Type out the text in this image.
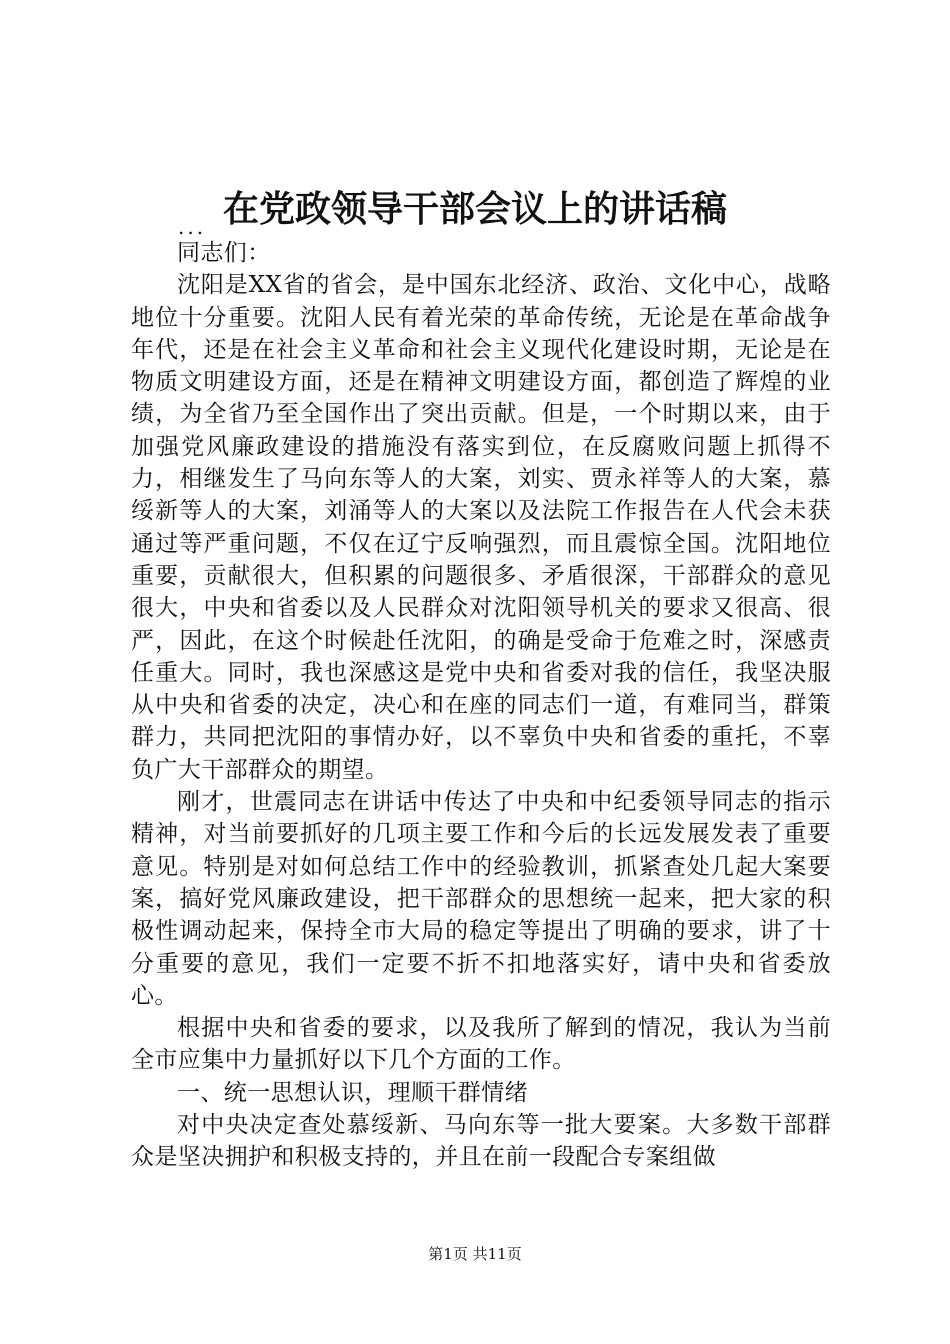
在党政领导干部会议上的讲话稿
...

同志们：

沈阳是XX省的省会，是中国东北经济、政治、文化中心，战略地位十分重要。沈阳人民有着光荣的革命传统，无论是在革命战争年代，还是在社会主义革命和社会主义现代化建设时期，无论是在物质文明建设方面，还是在精神文明建设方面，都创造了辉煌的业绩，为全省乃至全国作出了突出贡献。但是，一个时期以来，由于加强党风廉政建设的措施没有落实到位，在反腐败问题上抓得不力，相继发生了马向东等人的大案，刘实、贾永祥等人的大案，慕绥新等人的大案，刘涌等人的大案以及法院工作报告在人代会未获通过等严重问题，不仅在辽宁反响强烈，而且震惊全国。沈阳地位重要，贡献很大，但积累的问题很多、矛盾很深，干部群众的意见很大，中央和省委以及人民群众对沈阳领导机关的要求又很高、很严，因此，在这个时候赴任沈阳，的确是受命于危难之时，深感责任重大。同时，我也深感这是党中央和省委对我的信任，我坚决服从中央和省委的决定，决心和在座的同志们一道，有难同当，群策群力，共同把沈阳的事情办好，以不辜负中央和省委的重托，不辜负广大干部群众的期望。

刚才，世震同志在讲话中传达了中央和中纪委领导同志的指示精神，对当前要抓好的几项主要工作和今后的长远发展发表了重要意见。特别是对如何总结工作中的经验教训，抓紧查处几起大案要案，搞好党风廉政建设，把干部群众的思想统一起来，把大家的积极性调动起来，保持全市大局的稳定等提出了明确的要求，讲了十分重要的意见，我们一定要不折不扣地落实好，请中央和省委放心。

根据中央和省委的要求，以及我所了解到的情况，我认为当前全市应集中力量抓好以下几个方面的工作。

一、统一思想认识，理顺干群情绪

对中央决定查处慕绥新、马向东等一批大要案。大多数干部群众是坚决拥护和积极支持的，并且在前一段配合专案组做

第1页 共11页
